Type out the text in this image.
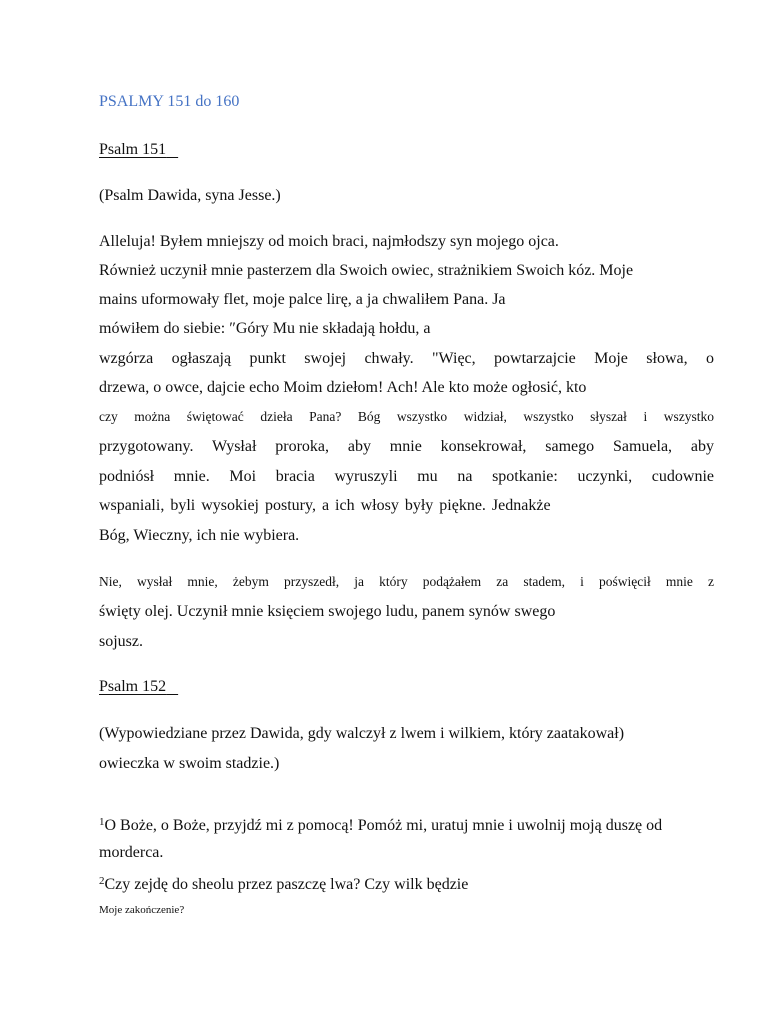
PSALMY 151 do 160
Psalm 151
(Psalm Dawida, syna Jesse.)
Alleluja! Byłem mniejszy od moich braci, najmłodszy syn mojego ojca.
Również uczynił mnie pasterzem dla Swoich owiec, strażnikiem Swoich kóz. Moje
mains uformowały flet, moje palce lirę, a ja chwaliłem Pana. Ja
mówiłem do siebie: ″Góry Mu nie składają hołdu, a
wzgórza ogłaszają punkt swojej chwały. "Więc, powtarzajcie Moje słowa, o
drzewa, o owce, dajcie echo Moim dziełom! Ach! Ale kto może ogłosić, kto
czy można świętować dzieła Pana? Bóg wszystko widział, wszystko słyszał i wszystko
przygotowany. Wysłał proroka, aby mnie konsekrował, samego Samuela, aby
podniósł mnie. Moi bracia wyruszyli mu na spotkanie: uczynki, cudownie
wspaniali, byli wysokiej postury, a ich włosy były piękne. Jednakże
Bóg, Wieczny, ich nie wybiera.
Nie, wysłał mnie, żebym przyszedł, ja który podążałem za stadem, i poświęcił mnie z
święty olej. Uczynił mnie księciem swojego ludu, panem synów swego
sojusz.
Psalm 152
(Wypowiedziane przez Dawida, gdy walczył z lwem i wilkiem, który zaatakował)
owieczka w swoim stadzie.)
$^1$O Boże, o Boże, przyjdź mi z pomocą! Pomóż mi, uratuj mnie i uwolnij moją duszę od
morderca.
$^2$Czy zejdę do sheolu przez paszczę lwa? Czy wilk będzie
Moje zakończenie?
